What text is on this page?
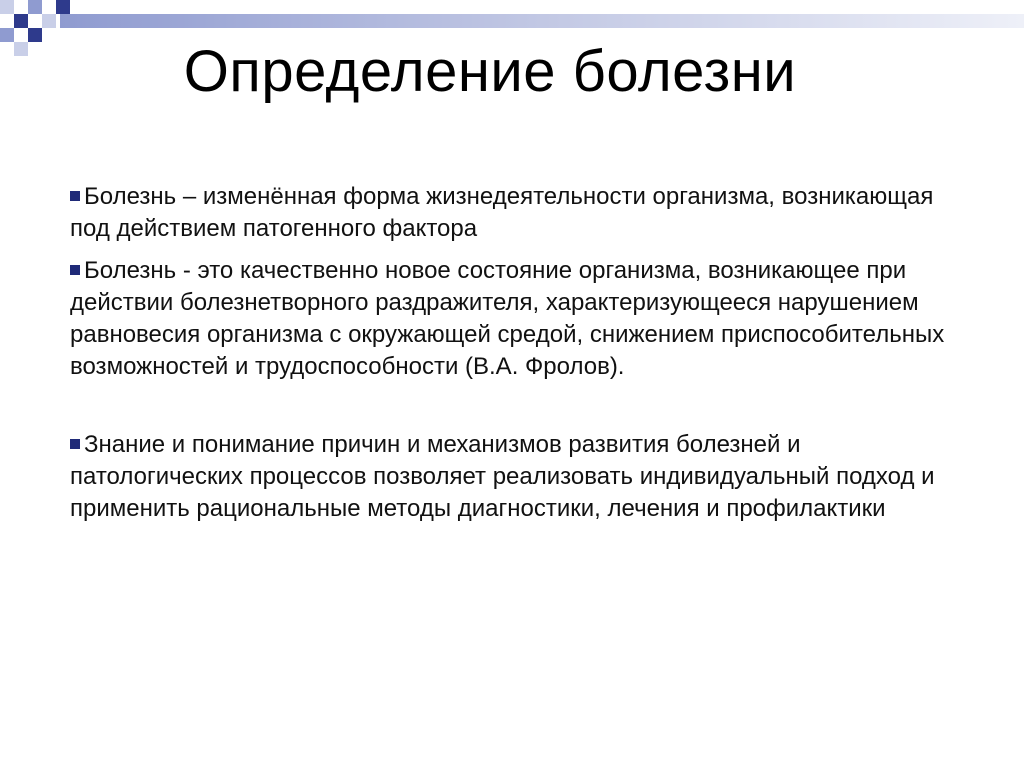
Определение болезни
Болезнь – изменённая форма жизнедеятельности организма, возникающая под действием патогенного фактора
Болезнь - это качественно новое состояние организма, возникающее при действии болезнетворного раздражителя, характеризующееся нарушением равновесия организма с окружающей средой, снижением приспособительных возможностей и трудоспособности (В.А. Фролов).
Знание и понимание причин и механизмов развития болезней и патологических процессов позволяет реализовать индивидуальный подход и применить рациональные методы диагностики, лечения и профилактики
